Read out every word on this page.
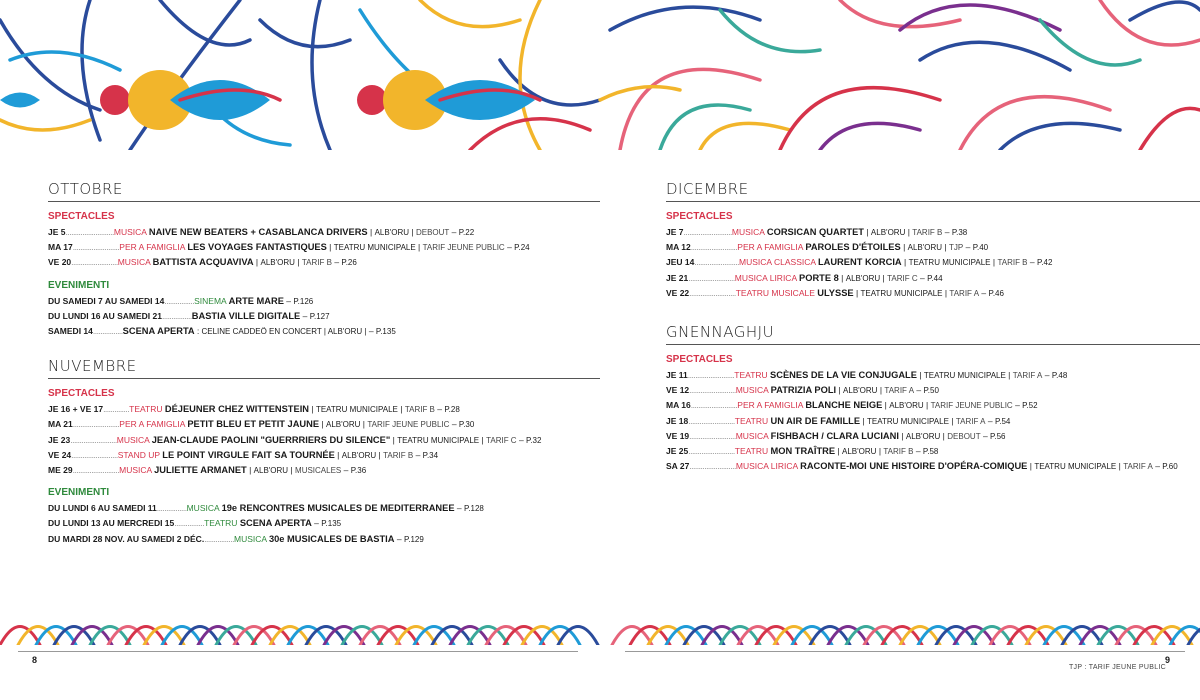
OTTOBRE
SPECTACLES
JE 5..........................MUSICA NAIVE NEW BEATERS + CASABLANCA DRIVERS | ALB'ORU | DEBOUT – P.22
MA 17.........................PER A FAMIGLIA LES VOYAGES FANTASTIQUES | TEATRU MUNICIPALE | TARIF JEUNE PUBLIC – P.24
VE 20.........................MUSICA BATTISTA ACQUAVIVA | ALB'ORU | TARIF B – P.26
EVENIMENTI
DU SAMEDI 7 AU SAMEDI 14................SINEMA ARTE MARE – P.126
DU LUNDI 16 AU SAMEDI 21................BASTIA VILLE DIGITALE – P.127
SAMEDI 14................SCENA APERTA : CELINE CADDEÖ EN CONCERT | ALB'ORU | – P.135
NUVEMBRE
SPECTACLES
JE 16 + VE 17..............TEATRU DÉJEUNER CHEZ WITTENSTEIN | TEATRU MUNICIPALE | TARIF B – P.28
MA 21.........................PER A FAMIGLIA PETIT BLEU ET PETIT JAUNE | ALB'ORU | TARIF JEUNE PUBLIC – P.30
JE 23.........................MUSICA JEAN-CLAUDE PAOLINI "GUERRRIERS DU SILENCE" | TEATRU MUNICIPALE | TARIF C – P.32
VE 24.........................STAND UP LE POINT VIRGULE FAIT SA TOURNÉE | ALB'ORU | TARIF B – P.34
ME 29.........................MUSICA JULIETTE ARMANET | ALB'ORU | MUSICALES – P.36
EVENIMENTI
DU LUNDI 6 AU SAMEDI 11................MUSICA 19e RENCONTRES MUSICALES DE MEDITERRANEE – P.128
DU LUNDI 13 AU MERCREDI 15................TEATRU SCENA APERTA – P.135
DU MARDI 28 NOV. AU SAMEDI 2 DÉC.................MUSICA 30e MUSICALES DE BASTIA – P.129
DICEMBRE
SPECTACLES
JE 7..........................MUSICA CORSICAN QUARTET | ALB'ORU | TARIF B – P.38
MA 12.........................PER A FAMIGLIA PAROLES D'ÉTOILES | ALB'ORU | TJP – P.40
JEU 14........................MUSICA CLASSICA LAURENT KORCIA | TEATRU MUNICIPALE | TARIF B – P.42
JE 21.........................MUSICA LIRICA PORTE 8 | ALB'ORU | TARIF C – P.44
VE 22.........................TEATRU MUSICALE ULYSSE | TEATRU MUNICIPALE | TARIF A – P.46
GNENNAGHJU
SPECTACLES
JE 11.........................TEATRU SCÈNES DE LA VIE CONJUGALE | TEATRU MUNICIPALE | TARIF A – P.48
VE 12.........................MUSICA PATRIZIA POLI | ALB'ORU | TARIF A – P.50
MA 16.........................PER A FAMIGLIA BLANCHE NEIGE | ALB'ORU | TARIF JEUNE PUBLIC – P.52
JE 18.........................TEATRU UN AIR DE FAMILLE | TEATRU MUNICIPALE | TARIF A – P.54
VE 19.........................MUSICA FISHBACH / CLARA LUCIANI | ALB'ORU | DEBOUT – P.56
JE 25.........................TEATRU MON TRAÎTRE | ALB'ORU | TARIF B – P.58
SA 27.........................MUSICA LIRICA RACONTE-MOI UNE HISTOIRE D'OPÉRA-COMIQUE | TEATRU MUNICIPALE | TARIF A – P.60
8	9
TJP : TARIF JEUNE PUBLIC
